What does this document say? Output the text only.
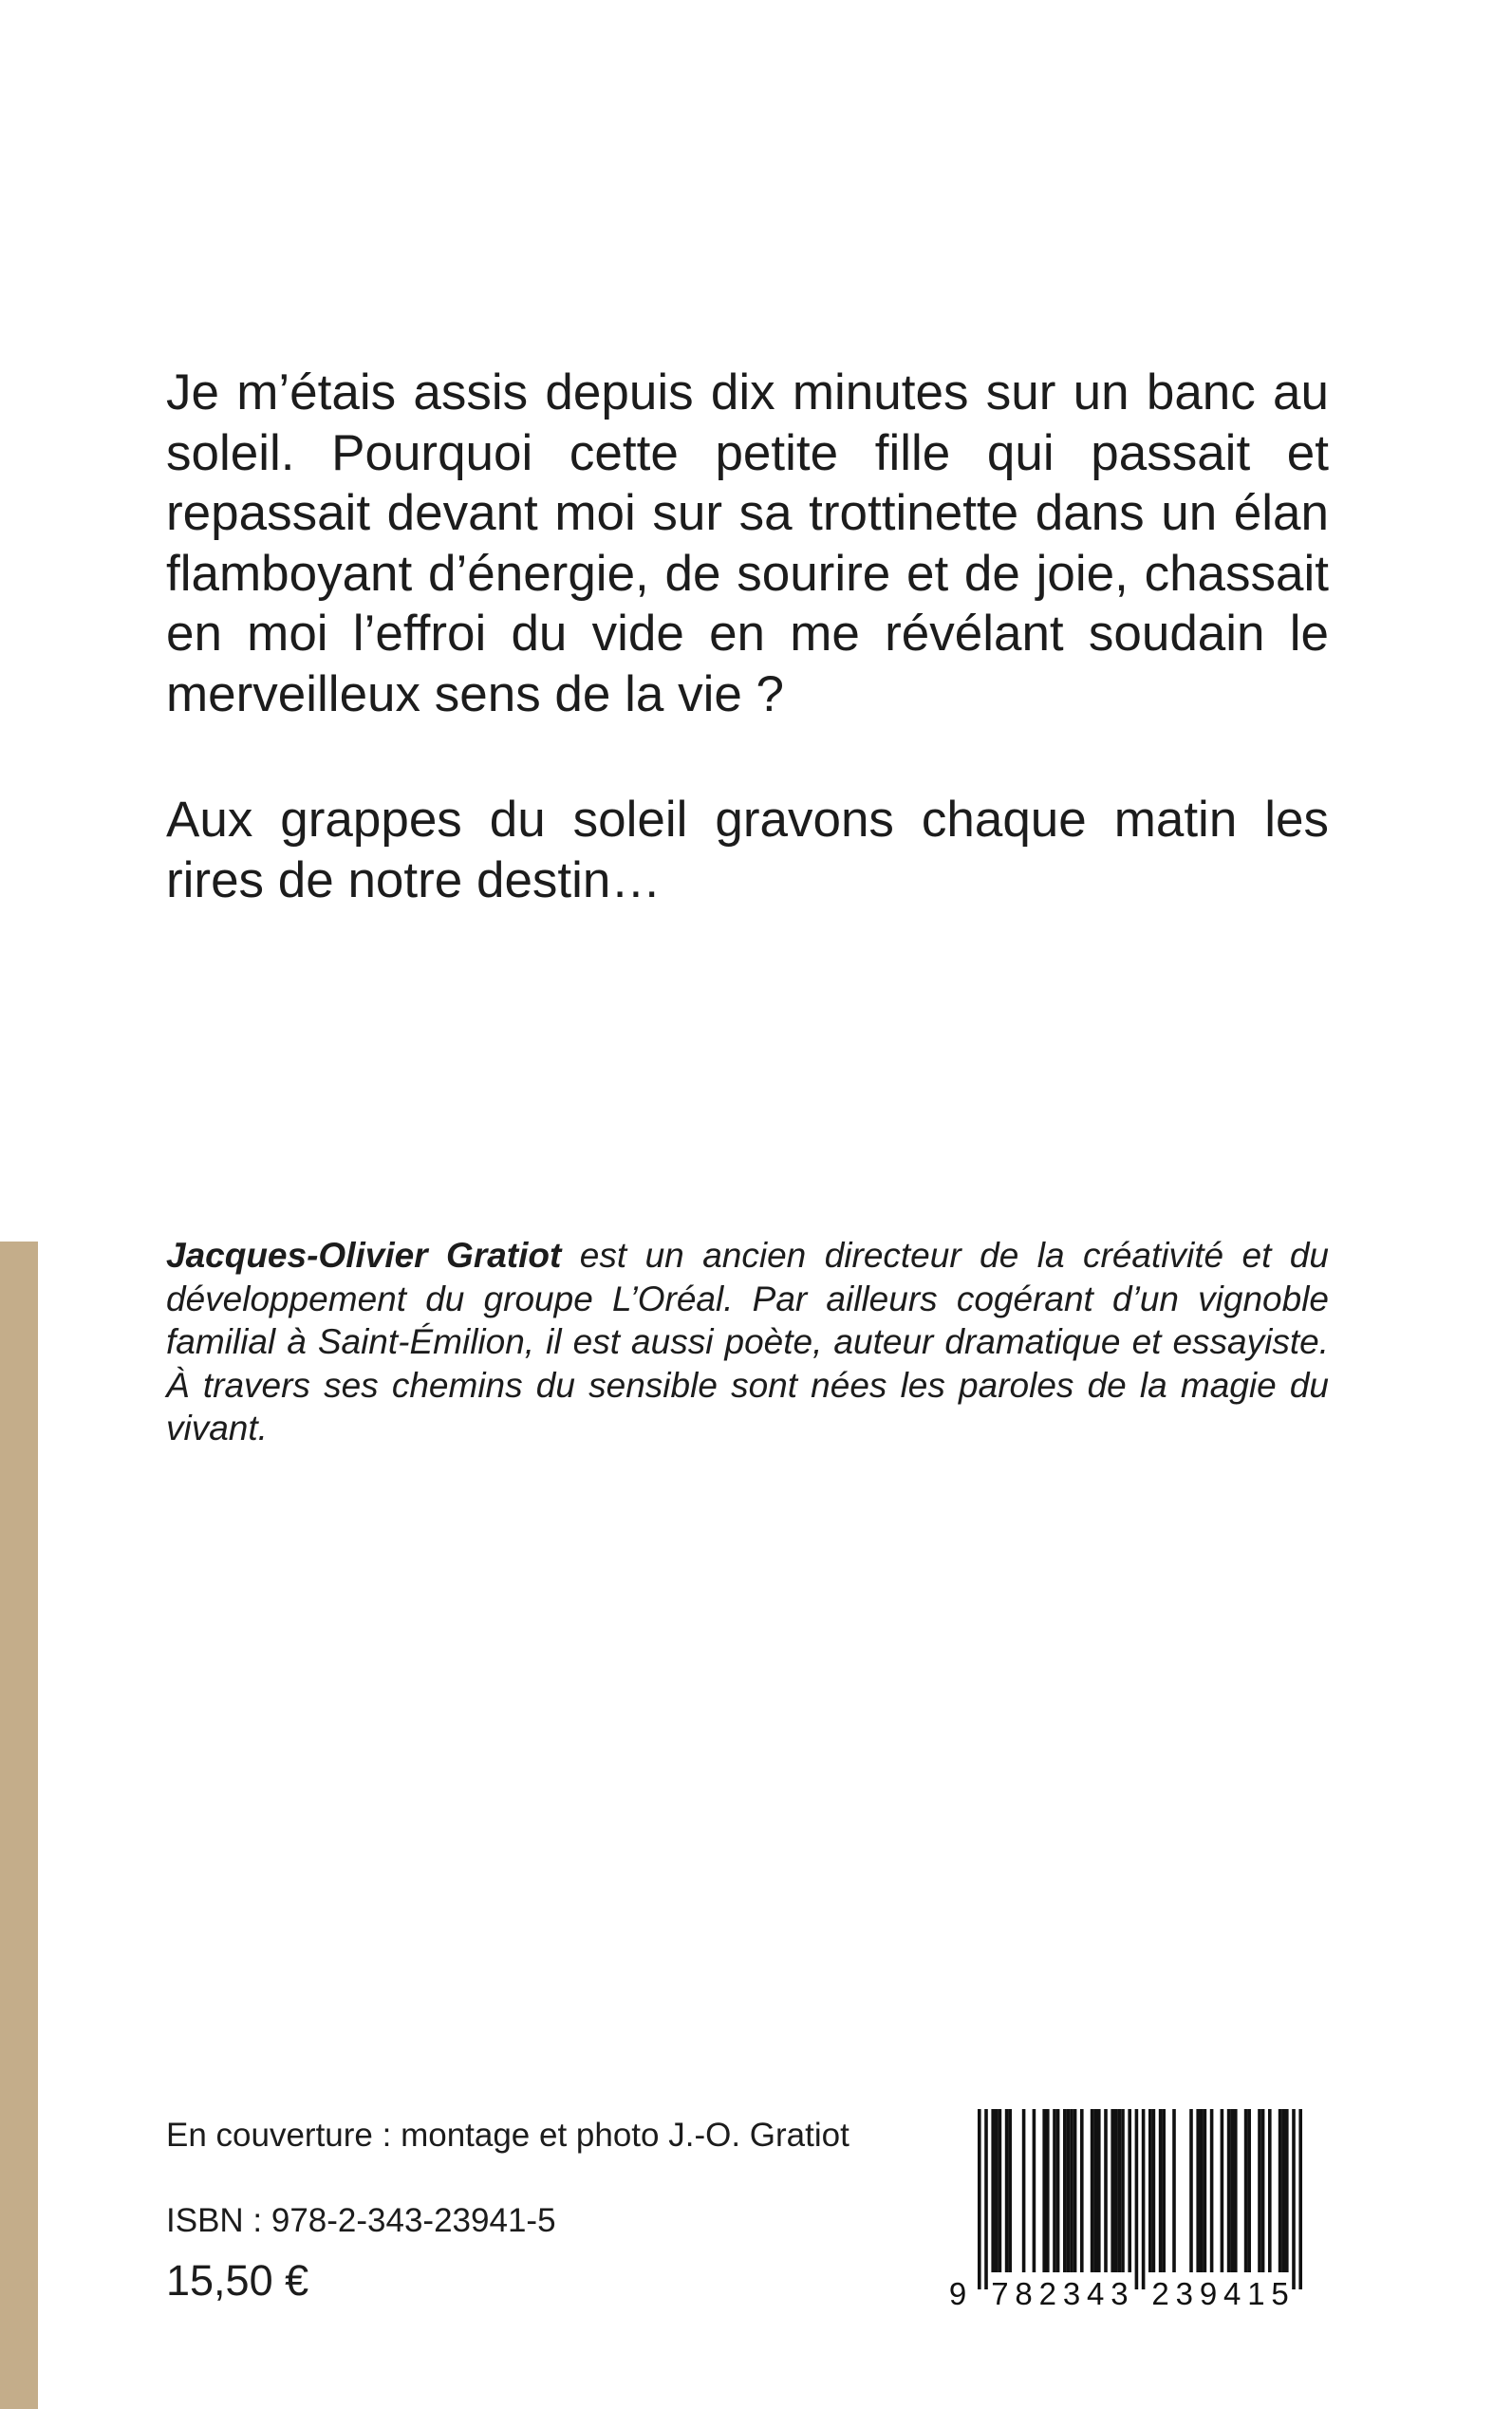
Je m’étais assis depuis dix minutes sur un banc au soleil. Pourquoi cette petite fille qui passait et repassait devant moi sur sa trottinette dans un élan flamboyant d’énergie, de sourire et de joie, chassait en moi l’effroi du vide en me révélant soudain le merveilleux sens de la vie ?

Aux grappes du soleil gravons chaque matin les rires de notre destin…

Jacques-Olivier Gratiot est un ancien directeur de la créativité et du développement du groupe L’Oréal. Par ailleurs cogérant d’un vignoble familial à Saint-Émilion, il est aussi poète, auteur dramatique et essayiste. À travers ses chemins du sensible sont nées les paroles de la magie du vivant.

En couverture : montage et photo J.-O. Gratiot
ISBN : 978-2-343-23941-5
15,50 €	9 7 8 2 3 4 3 2 3 9 4 1 5
